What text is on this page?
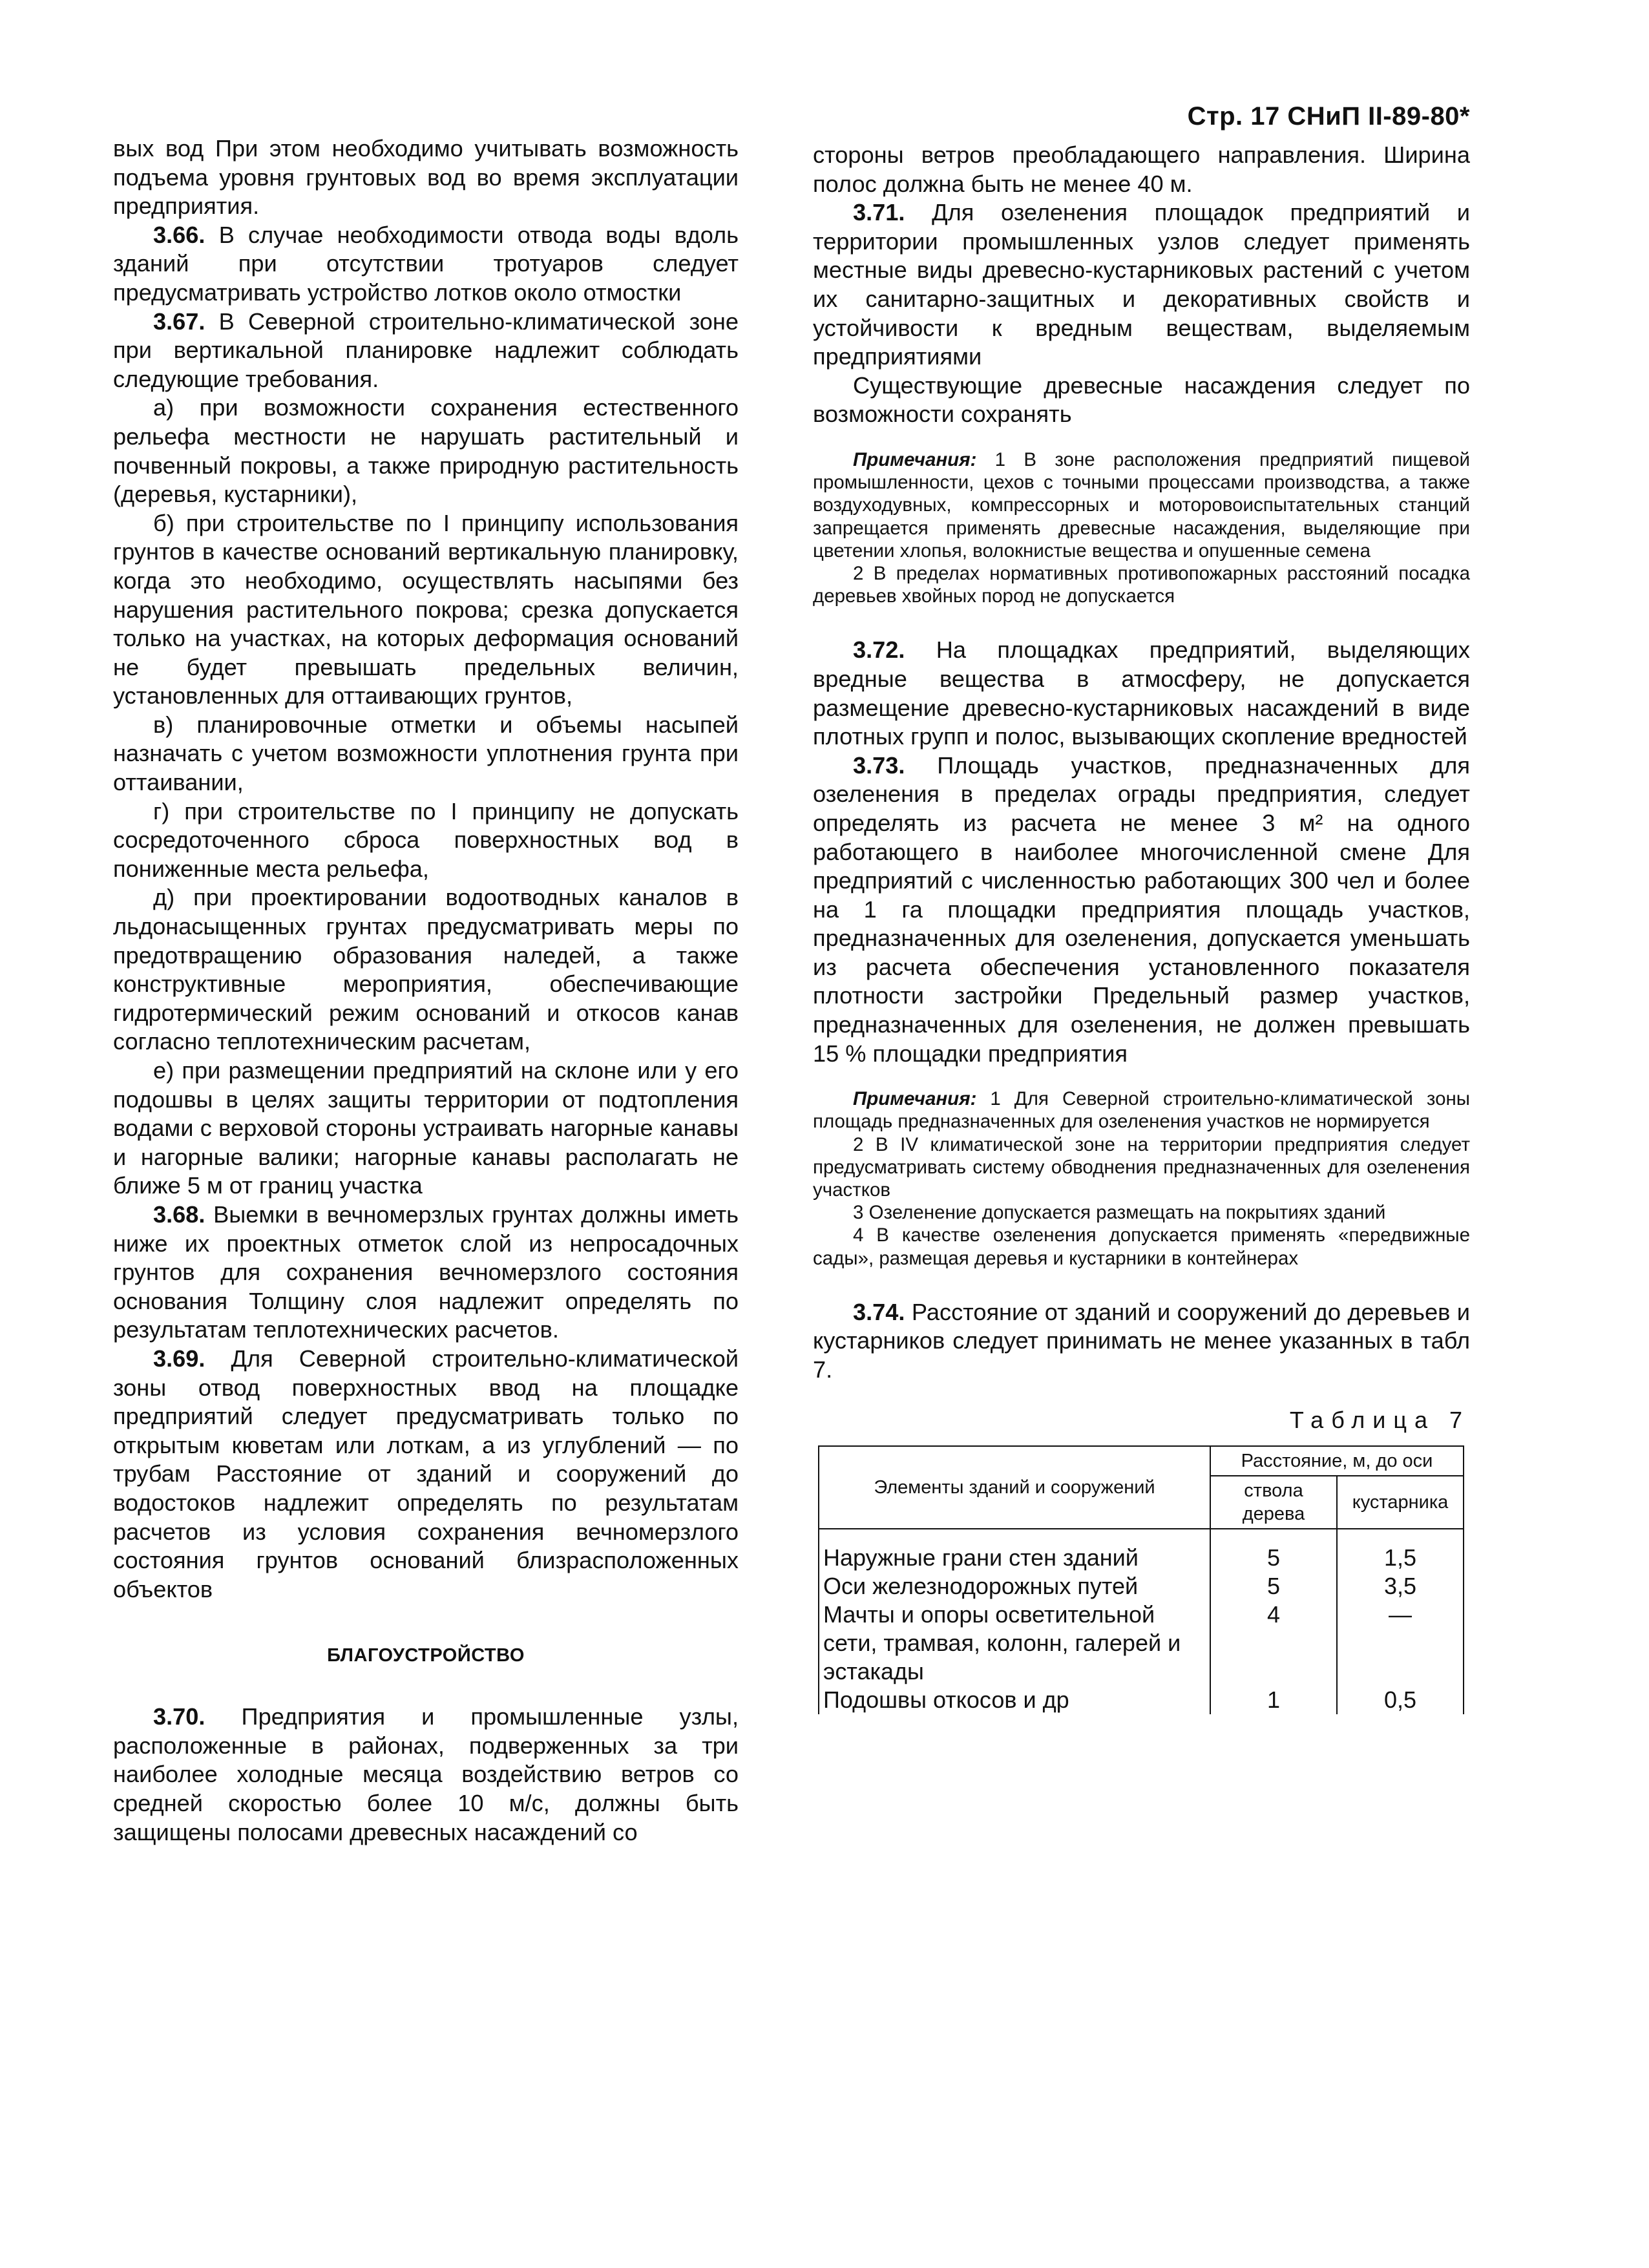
Стр. 17 СНиП II-89-80*

вых вод При этом необходимо учитывать возможность подъема уровня грунтовых вод во время эксплуатации предприятия.

3.66. В случае необходимости отвода воды вдоль зданий при отсутствии тротуаров следует предусматривать устройство лотков около отмостки

3.67. В Северной строительно-климатической зоне при вертикальной планировке надлежит соблюдать следующие требования.

а) при возможности сохранения естественного рельефа местности не нарушать растительный и почвенный покровы, а также природную растительность (деревья, кустарники),

б) при строительстве по I принципу использования грунтов в качестве оснований вертикальную планировку, когда это необходимо, осуществлять насыпями без нарушения растительного покрова; срезка допускается только на участках, на которых деформация оснований не будет превышать предельных величин, установленных для оттаивающих грунтов,

в) планировочные отметки и объемы насыпей назначать с учетом возможности уплотнения грунта при оттаивании,

г) при строительстве по I принципу не допускать сосредоточенного сброса поверхностных вод в пониженные места рельефа,

д) при проектировании водоотводных каналов в льдонасыщенных грунтах предусматривать меры по предотвращению образования наледей, а также конструктивные мероприятия, обеспечивающие гидротермический режим оснований и откосов канав согласно теплотехническим расчетам,

е) при размещении предприятий на склоне или у его подошвы в целях защиты территории от подтопления водами с верховой стороны устраивать нагорные канавы и нагорные валики; нагорные канавы располагать не ближе 5 м от границ участка

3.68. Выемки в вечномерзлых грунтах должны иметь ниже их проектных отметок слой из непросадочных грунтов для сохранения вечномерзлого состояния основания Толщину слоя надлежит определять по результатам теплотехнических расчетов.

3.69. Для Северной строительно-климатической зоны отвод поверхностных ввод на площадке предприятий следует предусматривать только по открытым кюветам или лоткам, а из углублений — по трубам Расстояние от зданий и сооружений до водостоков надлежит определять по результатам расчетов из условия сохранения вечномерзлого состояния грунтов оснований близрасположенных объектов

БЛАГОУСТРОЙСТВО

3.70. Предприятия и промышленные узлы, расположенные в районах, подверженных за три наиболее холодные месяца воздействию ветров со средней скоростью более 10 м/с, должны быть защищены полосами древесных насаждений со

стороны ветров преобладающего направления. Ширина полос должна быть не менее 40 м.

3.71. Для озеленения площадок предприятий и территории промышленных узлов следует применять местные виды древесно-кустарниковых растений с учетом их санитарно-защитных и декоративных свойств и устойчивости к вредным веществам, выделяемым предприятиями

Существующие древесные насаждения следует по возможности сохранять

Примечания: 1 В зоне расположения предприятий пищевой промышленности, цехов с точными процессами производства, а также воздуходувных, компрессорных и моторовоиспытательных станций запрещается применять древесные насаждения, выделяющие при цветении хлопья, волокнистые вещества и опушенные семена

2 В пределах нормативных противопожарных расстояний посадка деревьев хвойных пород не допускается

3.72. На площадках предприятий, выделяющих вредные вещества в атмосферу, не допускается размещение древесно-кустарниковых насаждений в виде плотных групп и полос, вызывающих скопление вредностей

3.73. Площадь участков, предназначенных для озеленения в пределах ограды предприятия, следует определять из расчета не менее 3 м² на одного работающего в наиболее многочисленной смене Для предприятий с численностью работающих 300 чел и более на 1 га площадки предприятия площадь участков, предназначенных для озеленения, допускается уменьшать из расчета обеспечения установленного показателя плотности застройки Предельный размер участков, предназначенных для озеленения, не должен превышать 15 % площадки предприятия

Примечания: 1 Для Северной строительно-климатической зоны площадь предназначенных для озеленения участков не нормируется

2 В IV климатической зоне на территории предприятия следует предусматривать систему обводнения предназначенных для озеленения участков

3 Озеленение допускается размещать на покрытиях зданий

4 В качестве озеленения допускается применять «передвижные сады», размещая деревья и кустарники в контейнерах

3.74. Расстояние от зданий и сооружений до деревьев и кустарников следует принимать не менее указанных в табл 7.

Таблица 7

Элементы зданий и сооружений	Расстояние, м, до оси	
	ствола дерева	кустарника
Наружные грани стен зданий	5	1,5
Оси железнодорожных путей	5	3,5
Мачты и опоры осветительной сети, трамвая, колонн, галерей и эстакады	4	—
Подошвы откосов и др	1	0,5
